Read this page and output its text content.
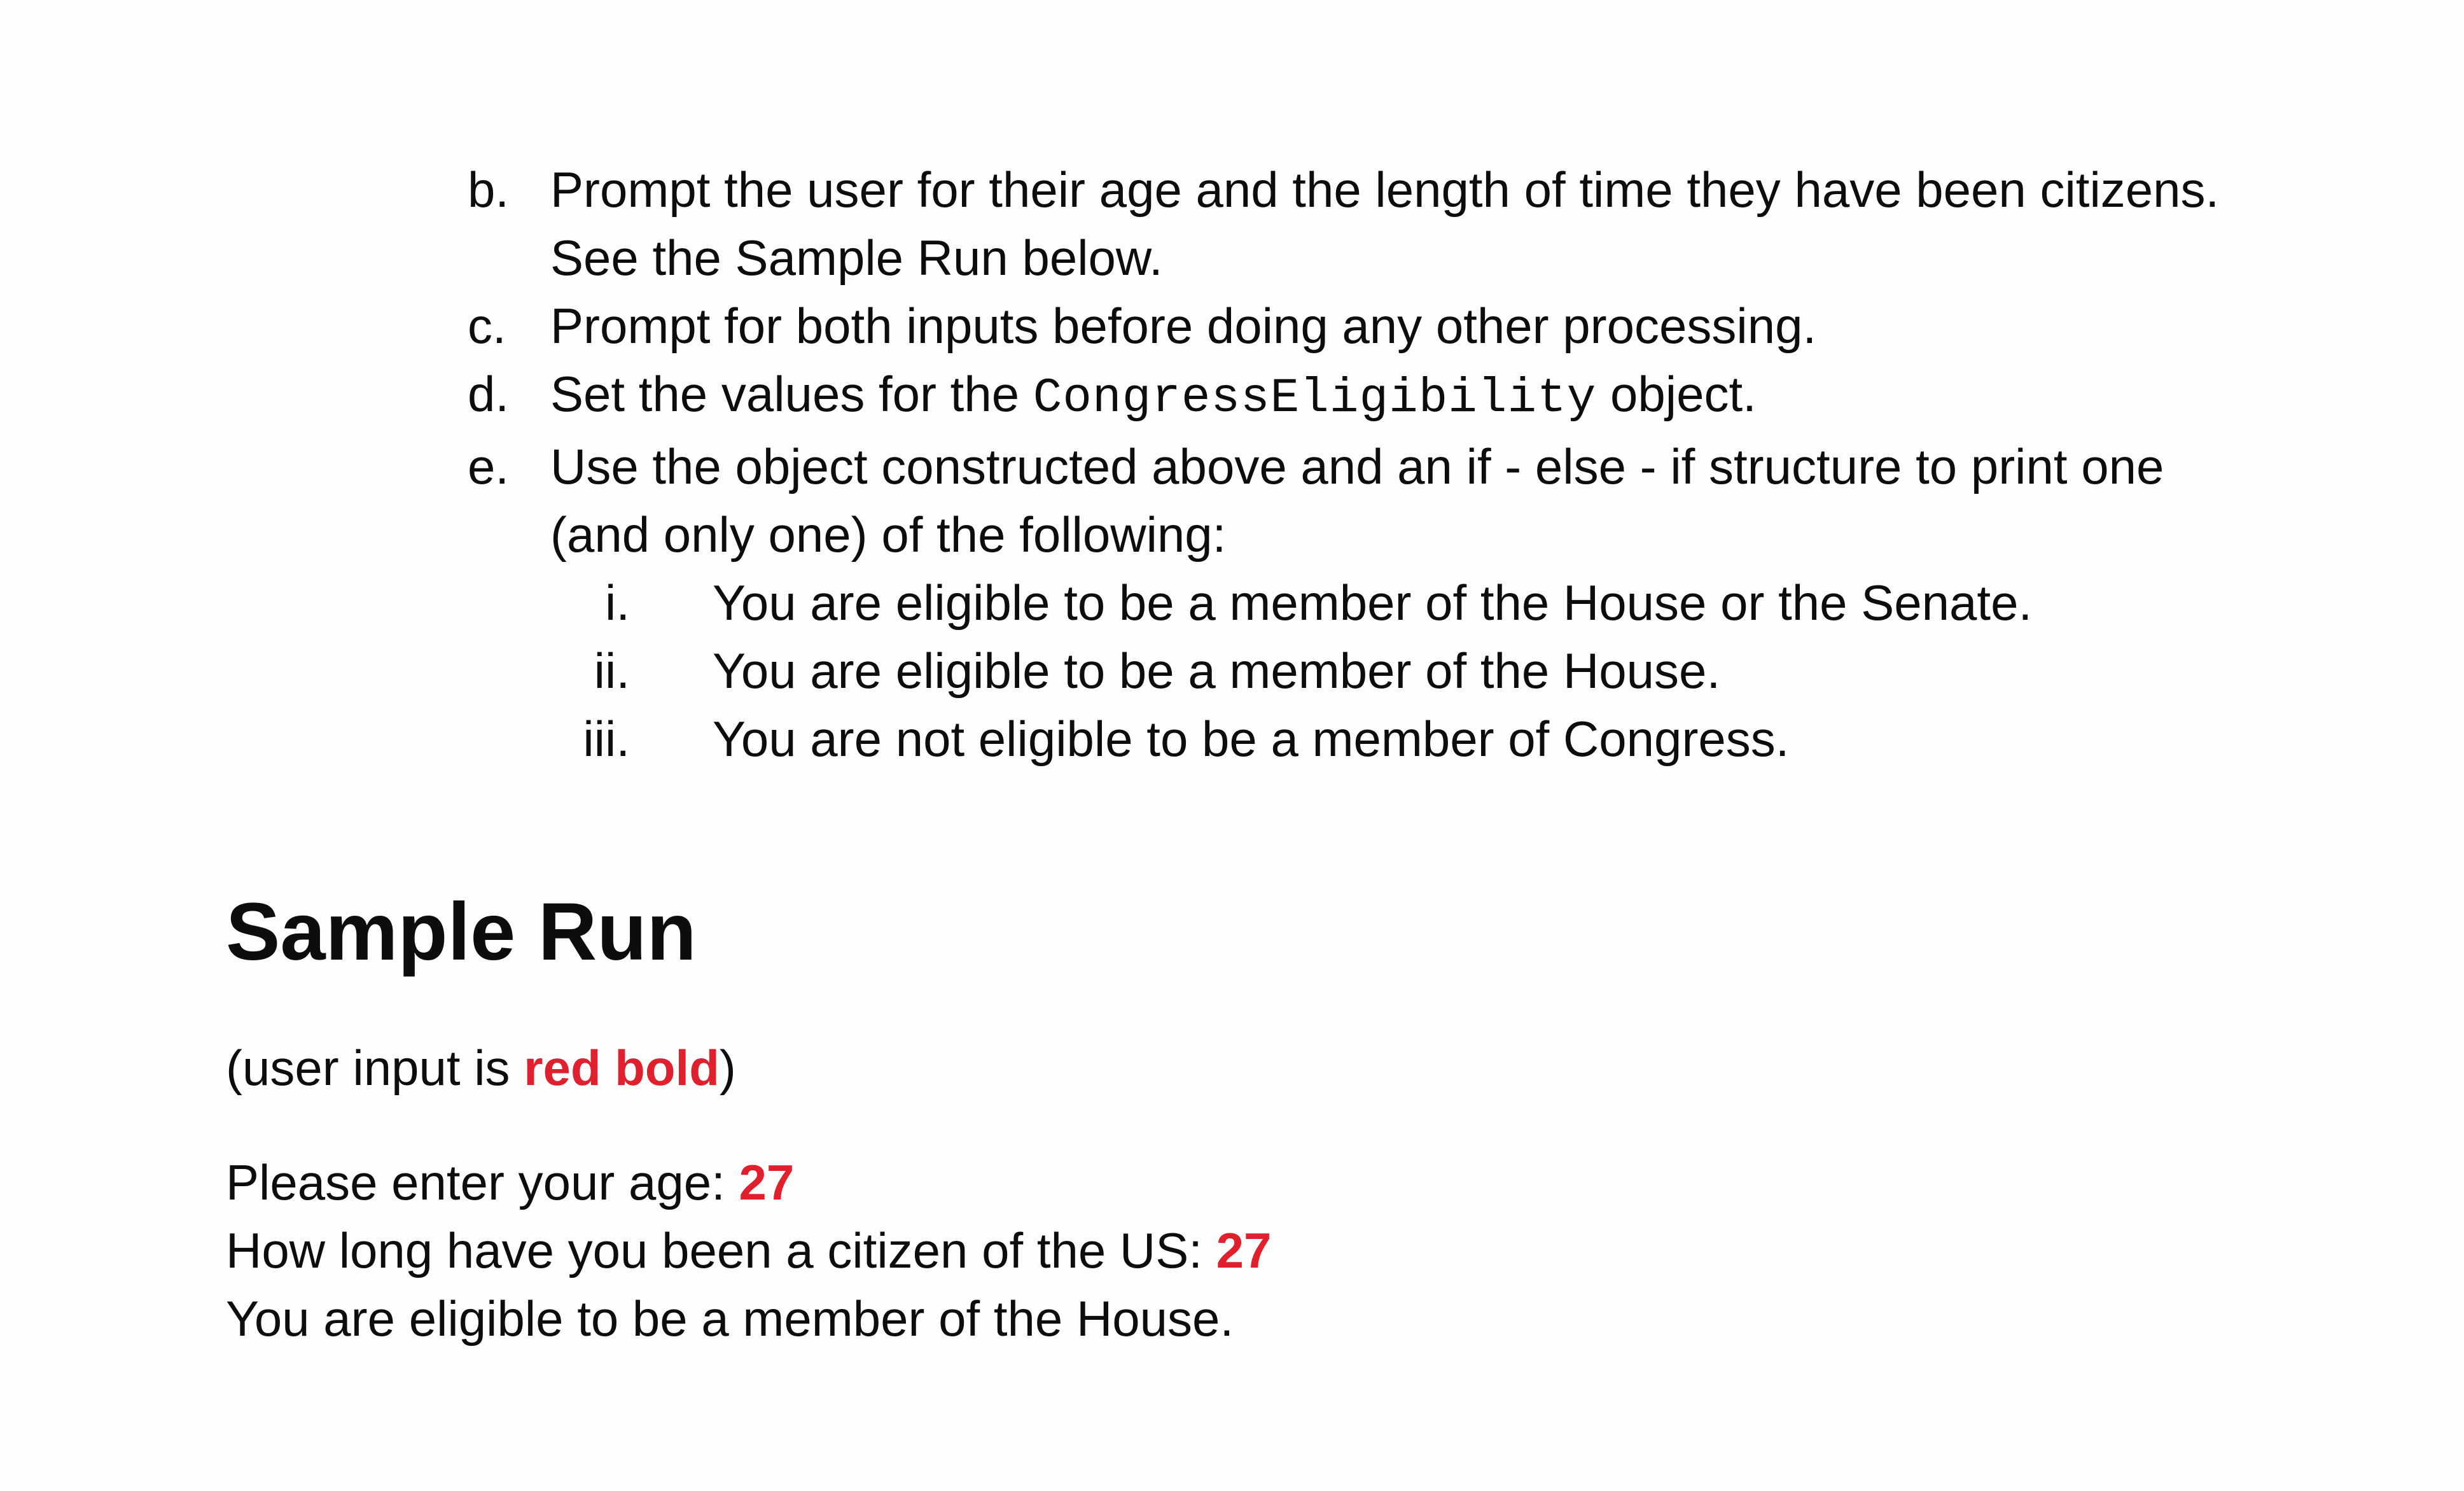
b. Prompt the user for their age and the length of time they have been citizens.
See the Sample Run below.
c. Prompt for both inputs before doing any other processing.
d. Set the values for the CongressEligibility object.
e. Use the object constructed above and an if - else - if structure to print one
(and only one) of the following:
i.	You are eligible to be a member of the House or the Senate.
ii.	You are eligible to be a member of the House.
iii.	You are not eligible to be a member of Congress.
Sample Run
(user input is red bold)
Please enter your age: 27
How long have you been a citizen of the US: 27
You are eligible to be a member of the House.
